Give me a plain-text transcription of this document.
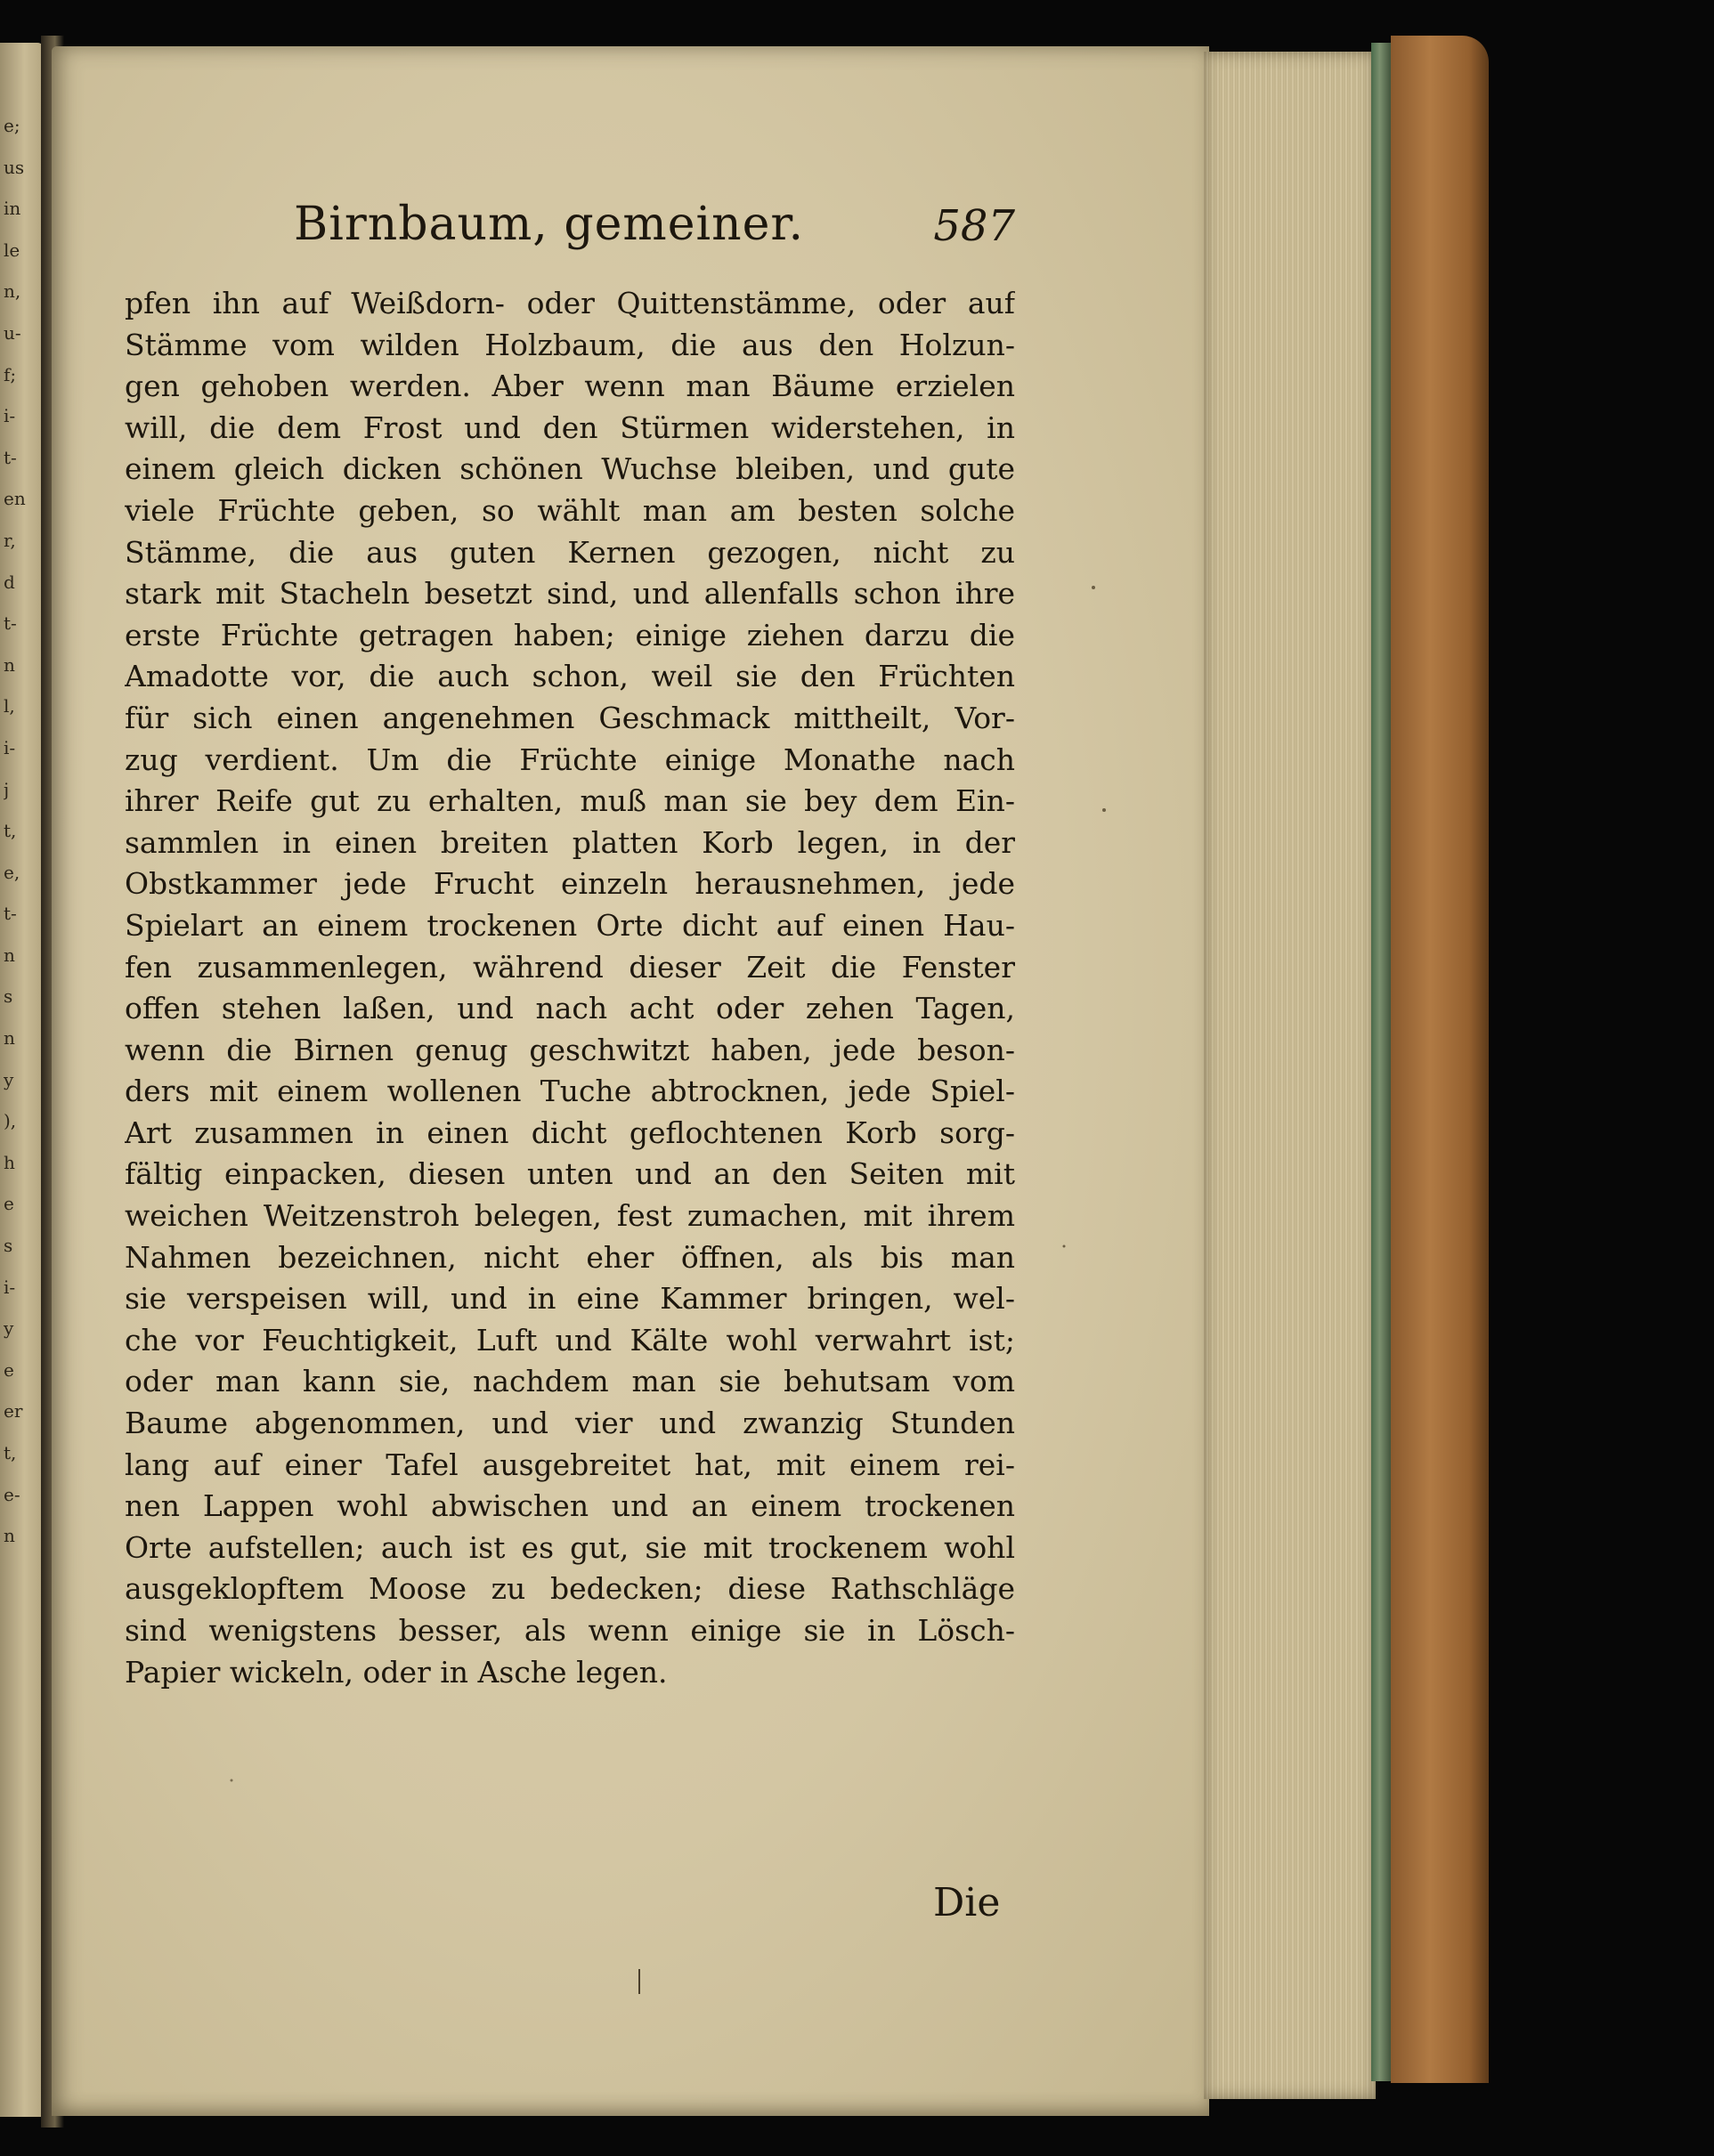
e;
us
in
le
n,
u-
f;
i-
t-
en
r,
d
t-
n
l,
i-
j
t,
e,
t-
n
s
n
y
),
h
e
s
i-
y
e
er
t,
e-
n
Birnbaum, gemeiner.	587
pfen ihn auf Weißdorn- oder Quittenstämme, oder auf
Stämme vom wilden Holzbaum, die aus den Holzun-
gen gehoben werden. Aber wenn man Bäume erzielen
will, die dem Frost und den Stürmen widerstehen, in
einem gleich dicken schönen Wuchse bleiben, und gute
viele Früchte geben, so wählt man am besten solche
Stämme, die aus guten Kernen gezogen, nicht zu
stark mit Stacheln besetzt sind, und allenfalls schon ihre
erste Früchte getragen haben; einige ziehen darzu die
Amadotte vor, die auch schon, weil sie den Früchten
für sich einen angenehmen Geschmack mittheilt, Vor-
zug verdient. Um die Früchte einige Monathe nach
ihrer Reife gut zu erhalten, muß man sie bey dem Ein-
sammlen in einen breiten platten Korb legen, in der
Obstkammer jede Frucht einzeln herausnehmen, jede
Spielart an einem trockenen Orte dicht auf einen Hau-
fen zusammenlegen, während dieser Zeit die Fenster
offen stehen laßen, und nach acht oder zehen Tagen,
wenn die Birnen genug geschwitzt haben, jede beson-
ders mit einem wollenen Tuche abtrocknen, jede Spiel-
Art zusammen in einen dicht geflochtenen Korb sorg-
fältig einpacken, diesen unten und an den Seiten mit
weichen Weitzenstroh belegen, fest zumachen, mit ihrem
Nahmen bezeichnen, nicht eher öffnen, als bis man
sie verspeisen will, und in eine Kammer bringen, wel-
che vor Feuchtigkeit, Luft und Kälte wohl verwahrt ist;
oder man kann sie, nachdem man sie behutsam vom
Baume abgenommen, und vier und zwanzig Stunden
lang auf einer Tafel ausgebreitet hat, mit einem rei-
nen Lappen wohl abwischen und an einem trockenen
Orte aufstellen; auch ist es gut, sie mit trockenem wohl
ausgeklopftem Moose zu bedecken; diese Rathschläge
sind wenigstens besser, als wenn einige sie in Lösch-
Papier wickeln, oder in Asche legen.
Die
